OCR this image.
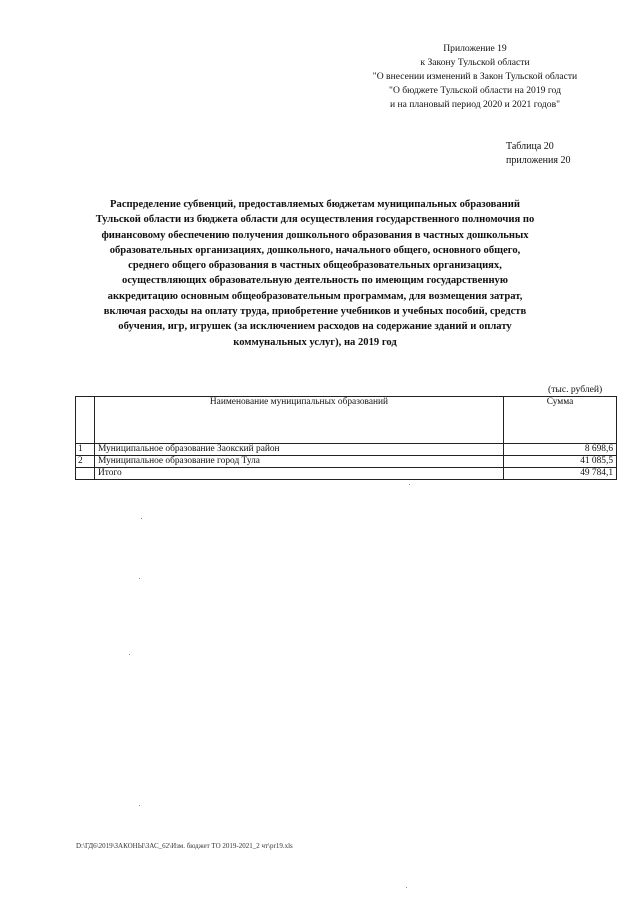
Приложение 19
к Закону Тульской области
"О внесении изменений в Закон Тульской области
"О бюджете Тульской области на 2019 год
и на плановый период 2020 и 2021 годов"
Таблица 20
приложения 20
Распределение субвенций, предоставляемых бюджетам муниципальных образований
Тульской области из бюджета области для осуществления государственного полномочия по
финансовому обеспечению получения дошкольного образования в частных дошкольных
образовательных организациях, дошкольного, начального общего, основного общего,
среднего общего образования в частных общеобразовательных организациях,
осуществляющих образовательную деятельность по имеющим государственную
аккредитацию основным общеобразовательным программам, для возмещения затрат,
включая расходы на оплату труда, приобретение учебников и учебных пособий, средств
обучения, игр, игрушек (за исключением расходов на содержание зданий и оплату
коммунальных услуг), на 2019 год
(тыс. рублей)
	Наименование муниципальных образований	Сумма
1	Муниципальное образование Заокский район	8 698,6
2	Муниципальное образование город Тула	41 085,5
	Итого	49 784,1
D:\ГД6\2019\ЗАКОНЫ\ЗАС_62\Изм. бюджет ТО 2019-2021_2 чт\pr19.xls
